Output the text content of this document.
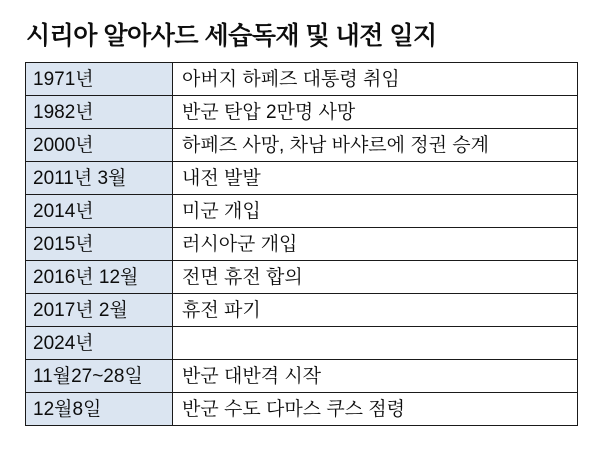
시리아 알아사드 세습독재 및 내전 일지
1971년	아버지 하페즈 대통령 취임
1982년	반군 탄압 2만명 사망
2000년	하페즈 사망, 차남 바샤르에 정권 승계
2011년 3월	내전 발발
2014년	미군 개입
2015년	러시아군 개입
2016년 12월	전면 휴전 합의
2017년 2월	휴전 파기
2024년	
11월27~28일	반군 대반격 시작
12월8일	반군 수도 다마스 쿠스 점령
